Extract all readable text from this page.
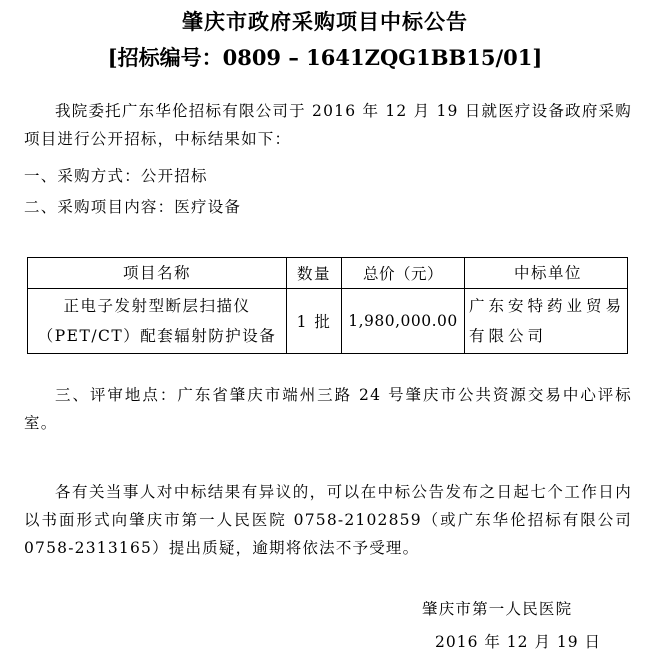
肇庆市政府采购项目中标公告
[招标编号：0809 – 1641ZQG1BB15/01]

我院委托广东华伦招标有限公司于 2016 年 12 月 19 日就医疗设备政府采购项目进行公开招标，中标结果如下：

一、采购方式：公开招标
二、采购项目内容：医疗设备
项目名称	数量	总价（元）	中标单位
正电子发射型断层扫描仪（PET/CT）配套辐射防护设备	1 批	1,980,000.00	广东安特药业贸易有限公司

三、评审地点：广东省肇庆市端州三路 24 号肇庆市公共资源交易中心评标室。

各有关当事人对中标结果有异议的，可以在中标公告发布之日起七个工作日内以书面形式向肇庆市第一人民医院 0758-2102859（或广东华伦招标有限公司 0758-2313165）提出质疑，逾期将依法不予受理。

肇庆市第一人民医院
2016 年 12 月 19 日
